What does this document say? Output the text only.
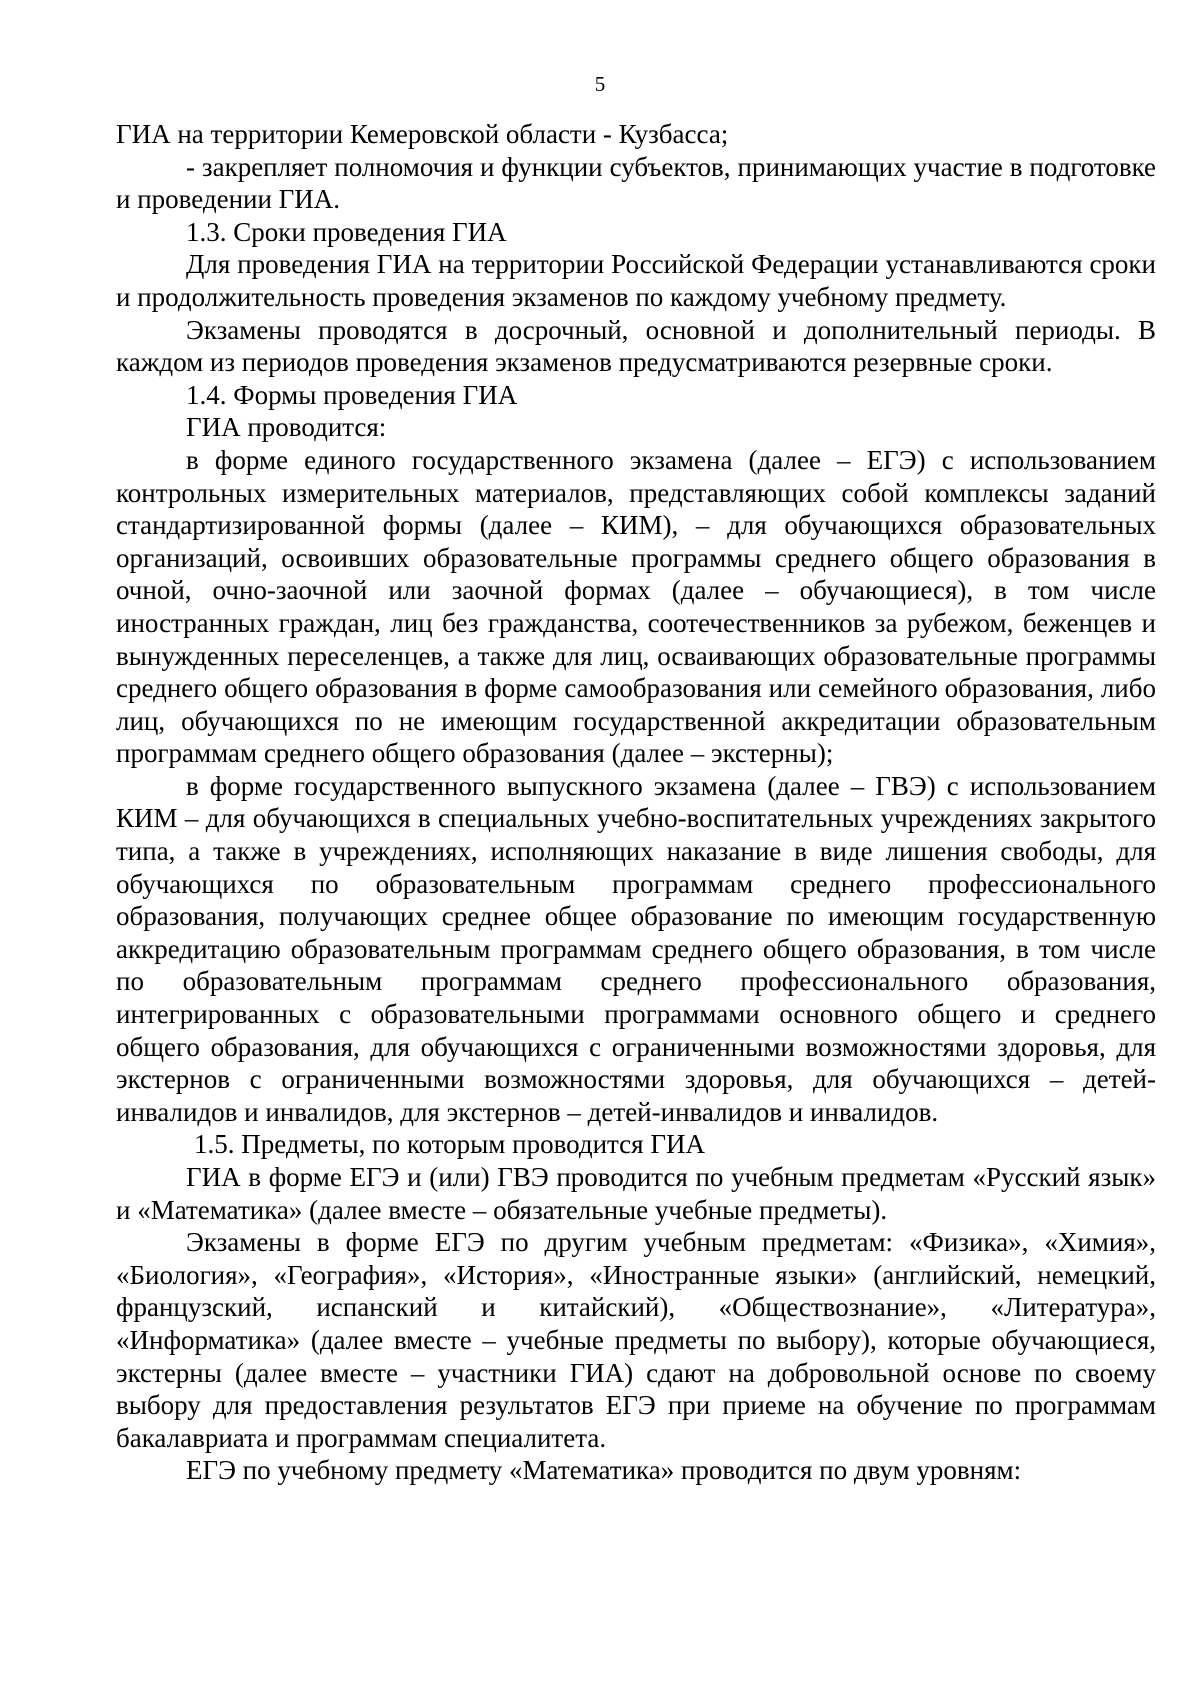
5

ГИА на территории Кемеровской области - Кузбасса;

- закрепляет полномочия и функции субъектов, принимающих участие в подготовке и проведении ГИА.

1.3. Сроки проведения ГИА

Для проведения ГИА на территории Российской Федерации устанавливаются сроки и продолжительность проведения экзаменов по каждому учебному предмету.

Экзамены проводятся в досрочный, основной и дополнительный периоды. В каждом из периодов проведения экзаменов предусматриваются резервные сроки.

1.4. Формы проведения ГИА

ГИА проводится:

в форме единого государственного экзамена (далее – ЕГЭ) с использованием контрольных измерительных материалов, представляющих собой комплексы заданий стандартизированной формы (далее – КИМ), – для обучающихся образовательных организаций, освоивших образовательные программы среднего общего образования в очной, очно-заочной или заочной формах (далее – обучающиеся), в том числе иностранных граждан, лиц без гражданства, соотечественников за рубежом, беженцев и вынужденных переселенцев, а также для лиц, осваивающих образовательные программы среднего общего образования в форме самообразования или семейного образования, либо лиц, обучающихся по не имеющим государственной аккредитации образовательным программам среднего общего образования (далее – экстерны);

в форме государственного выпускного экзамена (далее – ГВЭ) с использованием КИМ – для обучающихся в специальных учебно-воспитательных учреждениях закрытого типа, а также в учреждениях, исполняющих наказание в виде лишения свободы, для обучающихся по образовательным программам среднего профессионального образования, получающих среднее общее образование по имеющим государственную аккредитацию образовательным программам среднего общего образования, в том числе по образовательным программам среднего профессионального образования, интегрированных с образовательными программами основного общего и среднего общего образования, для обучающихся с ограниченными возможностями здоровья, для экстернов с ограниченными возможностями здоровья, для обучающихся – детей-инвалидов и инвалидов, для экстернов – детей-инвалидов и инвалидов.

1.5. Предметы, по которым проводится ГИА

ГИА в форме ЕГЭ и (или) ГВЭ проводится по учебным предметам «Русский язык» и «Математика» (далее вместе – обязательные учебные предметы).

Экзамены в форме ЕГЭ по другим учебным предметам: «Физика», «Химия», «Биология», «География», «История», «Иностранные языки» (английский, немецкий, французский, испанский и китайский), «Обществознание», «Литература», «Информатика» (далее вместе – учебные предметы по выбору), которые обучающиеся, экстерны (далее вместе – участники ГИА) сдают на добровольной основе по своему выбору для предоставления результатов ЕГЭ при приеме на обучение по программам бакалавриата и программам специалитета.

ЕГЭ по учебному предмету «Математика» проводится по двум уровням:
